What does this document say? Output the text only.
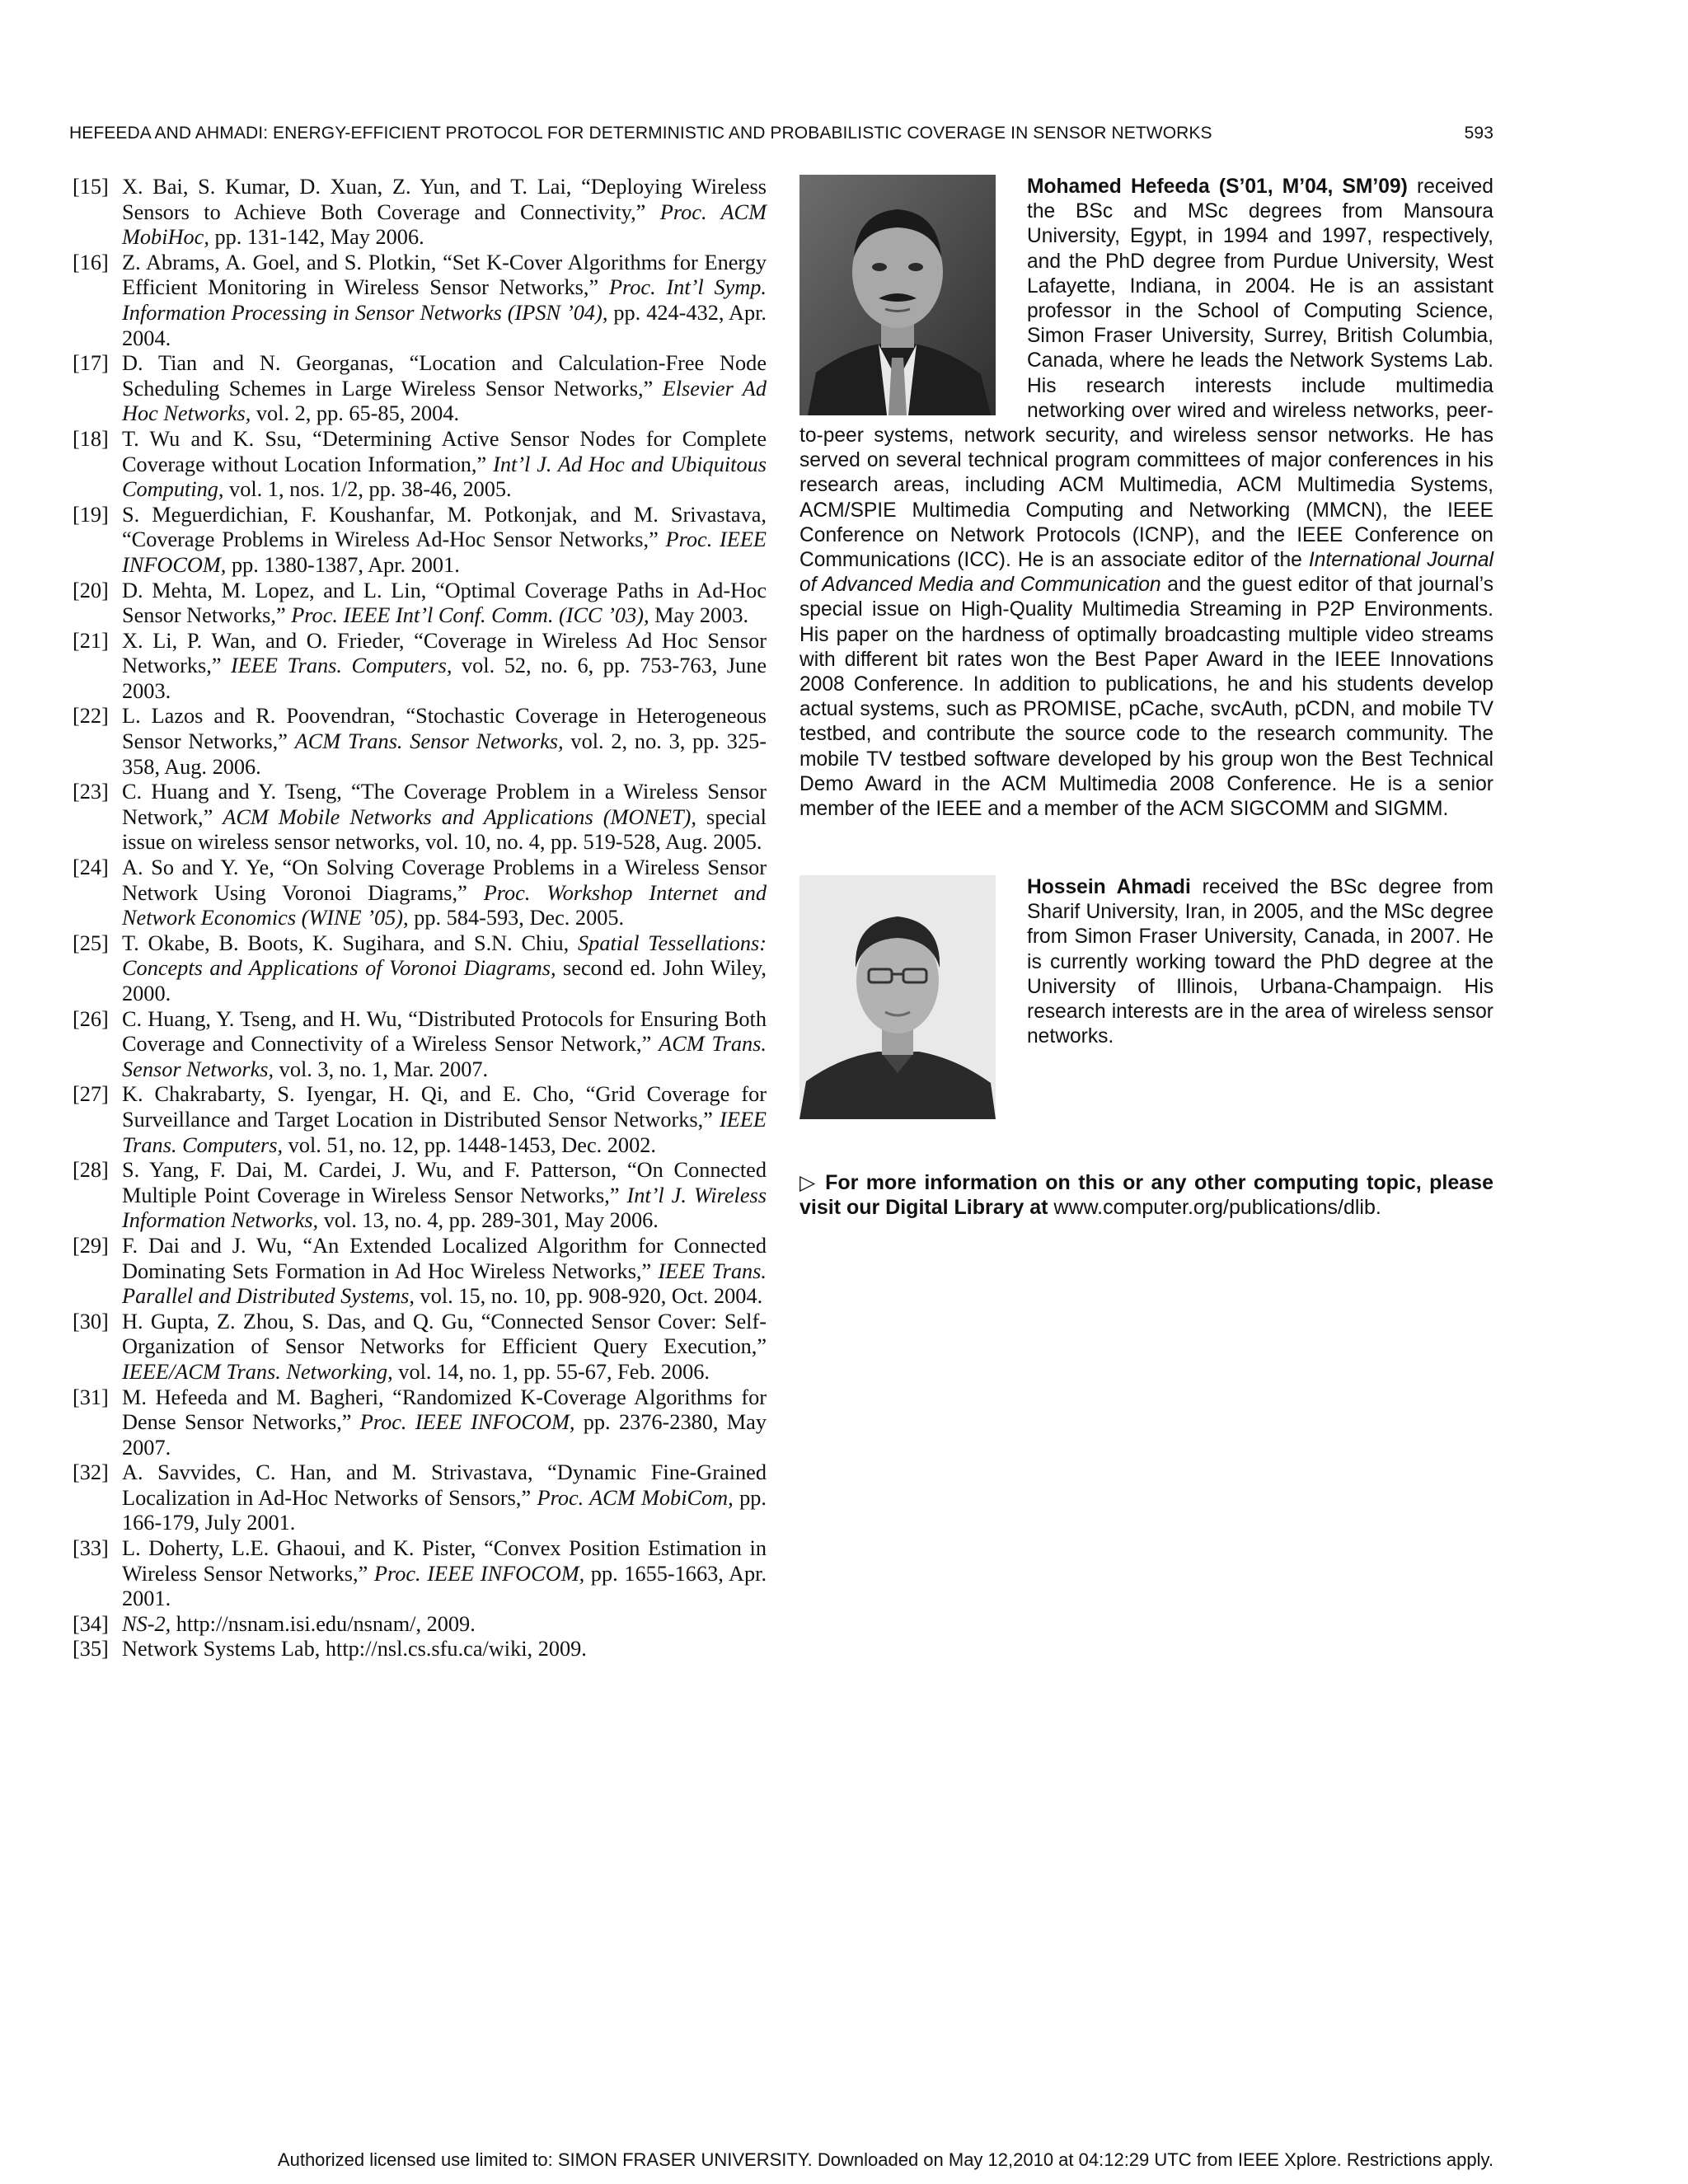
HEFEEDA AND AHMADI: ENERGY-EFFICIENT PROTOCOL FOR DETERMINISTIC AND PROBABILISTIC COVERAGE IN SENSOR NETWORKS	593
[15] X. Bai, S. Kumar, D. Xuan, Z. Yun, and T. Lai, “Deploying Wireless Sensors to Achieve Both Coverage and Connectivity,” Proc. ACM MobiHoc, pp. 131-142, May 2006.
[16] Z. Abrams, A. Goel, and S. Plotkin, “Set K-Cover Algorithms for Energy Efficient Monitoring in Wireless Sensor Networks,” Proc. Int’l Symp. Information Processing in Sensor Networks (IPSN ’04), pp. 424-432, Apr. 2004.
[17] D. Tian and N. Georganas, “Location and Calculation-Free Node Scheduling Schemes in Large Wireless Sensor Networks,” Elsevier Ad Hoc Networks, vol. 2, pp. 65-85, 2004.
[18] T. Wu and K. Ssu, “Determining Active Sensor Nodes for Complete Coverage without Location Information,” Int’l J. Ad Hoc and Ubiquitous Computing, vol. 1, nos. 1/2, pp. 38-46, 2005.
[19] S. Meguerdichian, F. Koushanfar, M. Potkonjak, and M. Srivastava, “Coverage Problems in Wireless Ad-Hoc Sensor Networks,” Proc. IEEE INFOCOM, pp. 1380-1387, Apr. 2001.
[20] D. Mehta, M. Lopez, and L. Lin, “Optimal Coverage Paths in Ad-Hoc Sensor Networks,” Proc. IEEE Int’l Conf. Comm. (ICC ’03), May 2003.
[21] X. Li, P. Wan, and O. Frieder, “Coverage in Wireless Ad Hoc Sensor Networks,” IEEE Trans. Computers, vol. 52, no. 6, pp. 753-763, June 2003.
[22] L. Lazos and R. Poovendran, “Stochastic Coverage in Heterogeneous Sensor Networks,” ACM Trans. Sensor Networks, vol. 2, no. 3, pp. 325-358, Aug. 2006.
[23] C. Huang and Y. Tseng, “The Coverage Problem in a Wireless Sensor Network,” ACM Mobile Networks and Applications (MONET), special issue on wireless sensor networks, vol. 10, no. 4, pp. 519-528, Aug. 2005.
[24] A. So and Y. Ye, “On Solving Coverage Problems in a Wireless Sensor Network Using Voronoi Diagrams,” Proc. Workshop Internet and Network Economics (WINE ’05), pp. 584-593, Dec. 2005.
[25] T. Okabe, B. Boots, K. Sugihara, and S.N. Chiu, Spatial Tessellations: Concepts and Applications of Voronoi Diagrams, second ed. John Wiley, 2000.
[26] C. Huang, Y. Tseng, and H. Wu, “Distributed Protocols for Ensuring Both Coverage and Connectivity of a Wireless Sensor Network,” ACM Trans. Sensor Networks, vol. 3, no. 1, Mar. 2007.
[27] K. Chakrabarty, S. Iyengar, H. Qi, and E. Cho, “Grid Coverage for Surveillance and Target Location in Distributed Sensor Networks,” IEEE Trans. Computers, vol. 51, no. 12, pp. 1448-1453, Dec. 2002.
[28] S. Yang, F. Dai, M. Cardei, J. Wu, and F. Patterson, “On Connected Multiple Point Coverage in Wireless Sensor Networks,” Int’l J. Wireless Information Networks, vol. 13, no. 4, pp. 289-301, May 2006.
[29] F. Dai and J. Wu, “An Extended Localized Algorithm for Connected Dominating Sets Formation in Ad Hoc Wireless Networks,” IEEE Trans. Parallel and Distributed Systems, vol. 15, no. 10, pp. 908-920, Oct. 2004.
[30] H. Gupta, Z. Zhou, S. Das, and Q. Gu, “Connected Sensor Cover: Self-Organization of Sensor Networks for Efficient Query Execution,” IEEE/ACM Trans. Networking, vol. 14, no. 1, pp. 55-67, Feb. 2006.
[31] M. Hefeeda and M. Bagheri, “Randomized K-Coverage Algorithms for Dense Sensor Networks,” Proc. IEEE INFOCOM, pp. 2376-2380, May 2007.
[32] A. Savvides, C. Han, and M. Strivastava, “Dynamic Fine-Grained Localization in Ad-Hoc Networks of Sensors,” Proc. ACM MobiCom, pp. 166-179, July 2001.
[33] L. Doherty, L.E. Ghaoui, and K. Pister, “Convex Position Estimation in Wireless Sensor Networks,” Proc. IEEE INFOCOM, pp. 1655-1663, Apr. 2001.
[34] NS-2, http://nsnam.isi.edu/nsnam/, 2009.
[35] Network Systems Lab, http://nsl.cs.sfu.ca/wiki, 2009.
Mohamed Hefeeda (S’01, M’04, SM’09) received the BSc and MSc degrees from Mansoura University, Egypt, in 1994 and 1997, respectively, and the PhD degree from Purdue University, West Lafayette, Indiana, in 2004. He is an assistant professor in the School of Computing Science, Simon Fraser University, Surrey, British Columbia, Canada, where he leads the Network Systems Lab. His research interests include multimedia networking over wired and wireless networks, peer-to-peer systems, network security, and wireless sensor networks. He has served on several technical program committees of major conferences in his research areas, including ACM Multimedia, ACM Multimedia Systems, ACM/SPIE Multimedia Computing and Networking (MMCN), the IEEE Conference on Network Protocols (ICNP), and the IEEE Conference on Communications (ICC). He is an associate editor of the International Journal of Advanced Media and Communication and the guest editor of that journal’s special issue on High-Quality Multimedia Streaming in P2P Environments. His paper on the hardness of optimally broadcasting multiple video streams with different bit rates won the Best Paper Award in the IEEE Innovations 2008 Conference. In addition to publications, he and his students develop actual systems, such as PROMISE, pCache, svcAuth, pCDN, and mobile TV testbed, and contribute the source code to the research community. The mobile TV testbed software developed by his group won the Best Technical Demo Award in the ACM Multimedia 2008 Conference. He is a senior member of the IEEE and a member of the ACM SIGCOMM and SIGMM.
Hossein Ahmadi received the BSc degree from Sharif University, Iran, in 2005, and the MSc degree from Simon Fraser University, Canada, in 2007. He is currently working toward the PhD degree at the University of Illinois, Urbana-Champaign. His research interests are in the area of wireless sensor networks.
▷ For more information on this or any other computing topic, please visit our Digital Library at www.computer.org/publications/dlib.
Authorized licensed use limited to: SIMON FRASER UNIVERSITY. Downloaded on May 12,2010 at 04:12:29 UTC from IEEE Xplore. Restrictions apply.
